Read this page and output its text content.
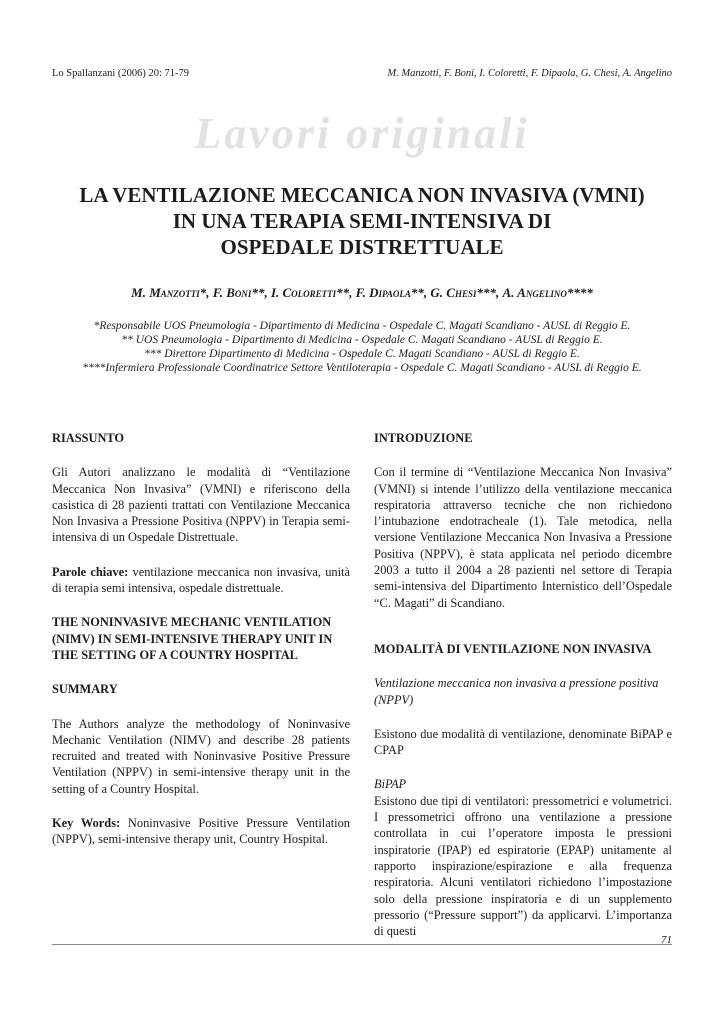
Lo Spallanzani (2006) 20: 71-79	M. Manzotti, F. Boni, I. Coloretti, F. Dipaola, G. Chesi, A. Angelino
Lavori originali
LA VENTILAZIONE MECCANICA NON INVASIVA (VMNI)
IN UNA TERAPIA SEMI-INTENSIVA DI
OSPEDALE DISTRETTUALE
M. Manzotti*, F. Boni**, I. Coloretti**, F. Dipaola**, G. Chesi***, A. Angelino****
*Responsabile UOS Pneumologia - Dipartimento di Medicina - Ospedale C. Magati Scandiano - AUSL di Reggio E.
** UOS Pneumologia - Dipartimento di Medicina - Ospedale C. Magati Scandiano - AUSL di Reggio E.
*** Direttore Dipartimento di Medicina - Ospedale C. Magati Scandiano - AUSL di Reggio E.
****Infermiera Professionale Coordinatrice Settore Ventiloterapia - Ospedale C. Magati Scandiano - AUSL di Reggio E.

RIASSUNTO

Gli Autori analizzano le modalità di “Ventilazione Meccanica Non Invasiva” (VMNI) e riferiscono della casistica di 28 pazienti trattati con Ventilazione Meccanica Non Invasiva a Pressione Positiva (NPPV) in Terapia semi-intensiva di un Ospedale Distrettuale.

Parole chiave: ventilazione meccanica non invasiva, unità di terapia semi intensiva, ospedale distrettuale.

THE NONINVASIVE MECHANIC VENTILATION (NIMV) IN SEMI-INTENSIVE THERAPY UNIT IN THE SETTING OF A COUNTRY HOSPITAL

SUMMARY

The Authors analyze the methodology of Noninvasive Mechanic Ventilation (NIMV) and describe 28 patients recruited and treated with Noninvasive Positive Pressure Ventilation (NPPV) in semi-intensive therapy unit in the setting of a Country Hospital.

Key Words: Noninvasive Positive Pressure Ventilation (NPPV), semi-intensive therapy unit, Country Hospital.

INTRODUZIONE

Con il termine di “Ventilazione Meccanica Non Invasiva” (VMNI) si intende l’utilizzo della ventilazione meccanica respiratoria attraverso tecniche che non richiedono l’intubazione endotracheale (1). Tale metodica, nella versione Ventilazione Meccanica Non Invasiva a Pressione Positiva (NPPV), è stata applicata nel periodo dicembre 2003 a tutto il 2004 a 28 pazienti nel settore di Terapia semi-intensiva del Dipartimento Internistico dell’Ospedale “C. Magati” di Scandiano.

MODALITÀ DI VENTILAZIONE NON INVASIVA

Ventilazione meccanica non invasiva a pressione positiva (NPPV)

Esistono due modalità di ventilazione, denominate BiPAP e CPAP

BiPAP

Esistono due tipi di ventilatori: pressometrici e volumetrici. I pressometrici offrono una ventilazione a pressione controllata in cui l’operatore imposta le pressioni inspiratorie (IPAP) ed espiratorie (EPAP) unitamente al rapporto inspirazione/espirazione e alla frequenza respiratoria. Alcuni ventilatori richiedono l’impostazione solo della pressione inspiratoria e di un supplemento pressorio (“Pressure support”) da applicarvi. L’importanza di questi

71
